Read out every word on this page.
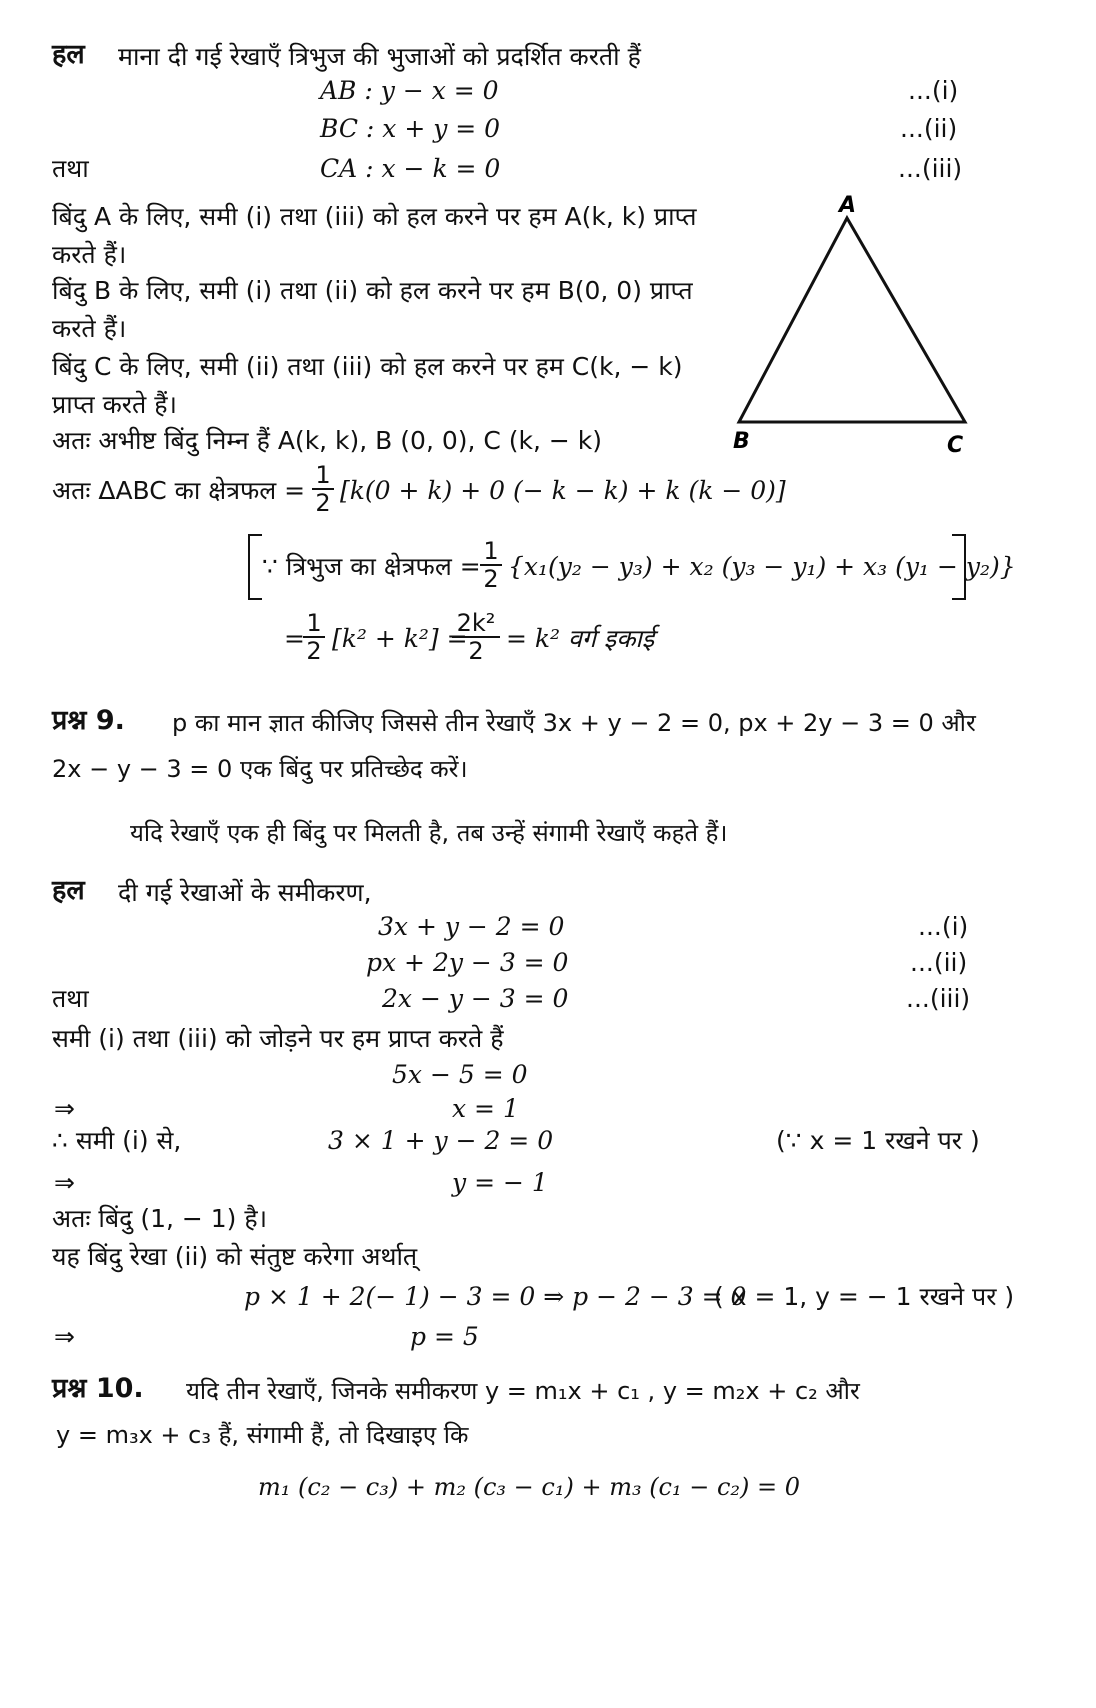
हल माना दी गई रेखाएँ त्रिभुज की भुजाओं को प्रदर्शित करती हैं
AB : y − x = 0	...(i)
BC : x + y = 0	...(ii)
तथा	CA : x − k = 0	...(iii)
बिंदु A के लिए, समी (i) तथा (iii) को हल करने पर हम A(k, k) प्राप्त
करते हैं।
बिंदु B के लिए, समी (i) तथा (ii) को हल करने पर हम B(0, 0) प्राप्त
करते हैं।
बिंदु C के लिए, समी (ii) तथा (iii) को हल करने पर हम C(k, − k)
प्राप्त करते हैं।
अतः अभीष्ट बिंदु निम्न हैं A(k, k), B (0, 0), C (k, − k)
A
B	C
अतः ΔABC का क्षेत्रफल = $\frac{1}{2} [k(0 + k) + 0$ (− k − k) + k (k − 0)]
∵ त्रिभुज का क्षेत्रफल = $\frac{1}{2} \{x_1(y_2 - y_3) + x_2$ (y₃ − y₁) + x₃ (y₁ − y₂)}
=
$\frac{1}{2} [k^2 + k^2]$ =
$\frac{\text{2k²}}{2} = k^2$ वर्ग इकाई
प्रश्न 9. p का मान ज्ञात कीजिए जिससे तीन रेखाएँ 3x + y − 2 = 0, px + 2y − 3 = 0 और
2x − y − 3 = 0 एक बिंदु पर प्रतिच्छेद करें।
यदि रेखाएँ एक ही बिंदु पर मिलती है, तब उन्हें संगामी रेखाएँ कहते हैं।
हल दी गई रेखाओं के समीकरण,
3x + y − 2 = 0	...(i)
px + 2y − 3 = 0	...(ii)
तथा	2x − y − 3 = 0	...(iii)
समी (i) तथा (iii) को जोड़ने पर हम प्राप्त करते हैं
5x − 5 = 0
⇒	x = 1
∴ समी (i) से,	3 × 1 + y − 2 = 0	(∵ x = 1 रखने पर )
⇒	y = − 1
अतः बिंदु (1, − 1) है।
यह बिंदु रेखा (ii) को संतुष्ट करेगा अर्थात्
p × 1 + 2(− 1) − 3 = 0 ⇒ p − 2 − 3 = 0
( x = 1, y = − 1 रखने पर )
⇒	p = 5
प्रश्न 10. यदि तीन रेखाएँ, जिनके समीकरण y = m₁x + c₁ , y = m₂x + c₂ और
y = m₃x + c₃ हैं, संगामी हैं, तो दिखाइए कि
m₁ (c₂ − c₃) + m₂ (c₃ − c₁) + m₃ (c₁ − c₂) = 0
